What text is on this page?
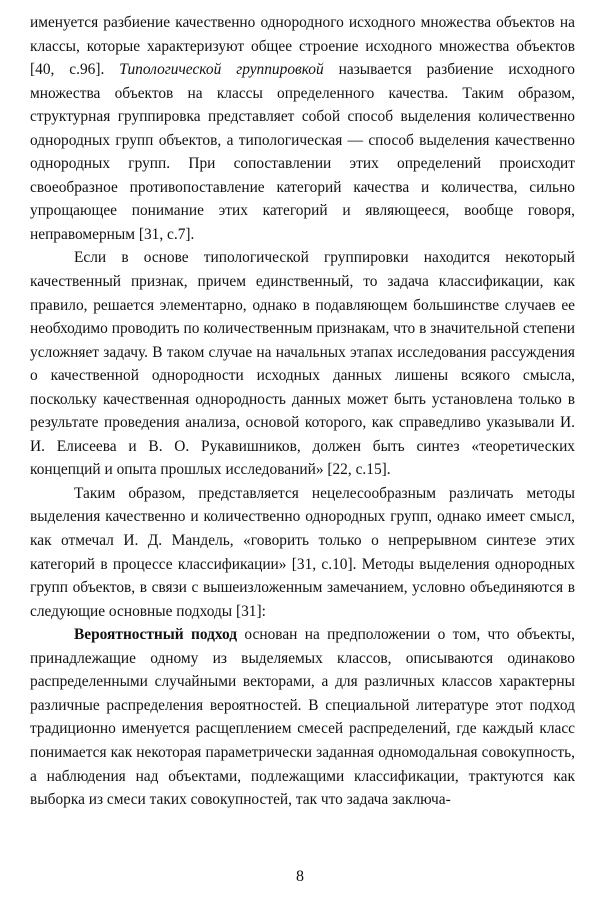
именуется разбиение качественно однородного исходного множества объектов на классы, которые характеризуют общее строение исходного множества объектов [40, с.96]. Типологической группировкой называется разбиение исходного множества объектов на классы определенного качества. Таким образом, структурная группировка представляет собой способ выделения количественно однородных групп объектов, а типологическая — способ выделения качественно однородных групп. При сопоставлении этих определений происходит своеобразное противопоставление категорий качества и количества, сильно упрощающее понимание этих категорий и являющееся, вообще говоря, неправомерным [31, с.7].

Если в основе типологической группировки находится некоторый качественный признак, причем единственный, то задача классификации, как правило, решается элементарно, однако в подавляющем большинстве случаев ее необходимо проводить по количественным признакам, что в значительной степени усложняет задачу. В таком случае на начальных этапах исследования рассуждения о качественной однородности исходных данных лишены всякого смысла, поскольку качественная однородность данных может быть установлена только в результате проведения анализа, основой которого, как справедливо указывали И. И. Елисеева и В. О. Рукавишников, должен быть синтез «теоретических концепций и опыта прошлых исследований» [22, с.15].

Таким образом, представляется нецелесообразным различать методы выделения качественно и количественно однородных групп, однако имеет смысл, как отмечал И. Д. Мандель, «говорить только о непрерывном синтезе этих категорий в процессе классификации» [31, с.10]. Методы выделения однородных групп объектов, в связи с вышеизложенным замечанием, условно объединяются в следующие основные подходы [31]:

Вероятностный подход основан на предположении о том, что объекты, принадлежащие одному из выделяемых классов, описываются одинаково распределенными случайными векторами, а для различных классов характерны различные распределения вероятностей. В специальной литературе этот подход традиционно именуется расщеплением смесей распределений, где каждый класс понимается как некоторая параметрически заданная одномодальная совокупность, а наблюдения над объектами, подлежащими классификации, трактуются как выборка из смеси таких совокупностей, так что задача заключа-

8
